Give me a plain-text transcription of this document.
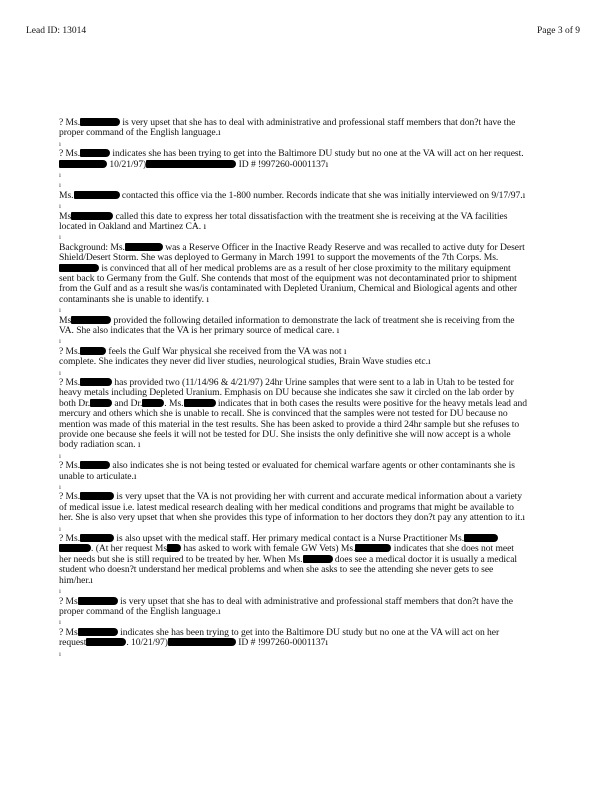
Lead ID: 13014	Page 3 of 9

? Ms.	is very upset that she has to deal with administrative and professional staff members that don?t have the proper command of the English language.ı

ı

? Ms.	indicates she has been trying to get into the Baltimore DU study but no one at the VA will act on her request. 10/21/97)	ID # !997260-0001137ı

ı
ı

Ms.	contacted this office via the 1-800 number. Records indicate that she was initially interviewed on 9/17/97.ı

ı

Ms	called this date to express her total dissatisfaction with the treatment she is receiving at the VA facilities located in Oakland and Martinez CA. ı

ı

Background: Ms.	was a Reserve Officer in the Inactive Ready Reserve and was recalled to active duty for Desert Shield/Desert Storm. She was deployed to Germany in March 1991 to support the movements of the 7th Corps. Ms. is convinced that all of her medical problems are as a result of her close proximity to the military equipment sent back to Germany from the Gulf. She contends that most of the equipment was not decontaminated prior to shipment from the Gulf and as a result she was/is contaminated with Depleted Uranium, Chemical and Biological agents and other contaminants she is unable to identify. ı

ı

Ms	provided the following detailed information to demonstrate the lack of treatment she is receiving from the VA. She also indicates that the VA is her primary source of medical care. ı

ı

? Ms.	feels the Gulf War physical she received from the VA was not ı

complete. She indicates they never did liver studies, neurological studies, Brain Wave studies etc.ı

ı

? Ms.	has provided two (11/14/96 & 4/21/97) 24hr Urine samples that were sent to a lab in Utah to be tested for heavy metals including Depleted Uranium. Emphasis on DU because she indicates she saw it circled on the lab order by both Dr. and Dr. . Ms.	indicates that in both cases the results were positive for the heavy metals lead and mercury and others which she is unable to recall. She is convinced that the samples were not tested for DU because no mention was made of this material in the test results. She has been asked to provide a third 24hr sample but she refuses to provide one because she feels it will not be tested for DU. She insists the only definitive she will now accept is a whole body radiation scan. ı

ı

? Ms.	also indicates she is not being tested or evaluated for chemical warfare agents or other contaminants she is unable to articulate.ı

ı

? Ms.	is very upset that the VA is not providing her with current and accurate medical information about a variety of medical issue i.e. latest medical research dealing with her medical conditions and programs that might be available to her. She is also very upset that when she provides this type of information to her doctors they don?t pay any attention to it.ı

ı

? Ms.	is also upset with the medical staff. Her primary medical contact is a Nurse Practitioner Ms.. (At her request Ms has asked to work with female GW Vets) Ms.	indicates that she does not meet her needs but she is still required to be treated by her. When Ms.	does see a medical doctor it is usually a medical student who doesn?t understand her medical problems and when she asks to see the attending she never gets to see him/her.ı

ı

? Ms	is very upset that she has to deal with administrative and professional staff members that don?t have the proper command of the English language.ı

ı

? Ms	indicates she has been trying to get into the Baltimore DU study but no one at the VA will act on her request	. 10/21/97)	ID # !997260-0001137ı

ı
